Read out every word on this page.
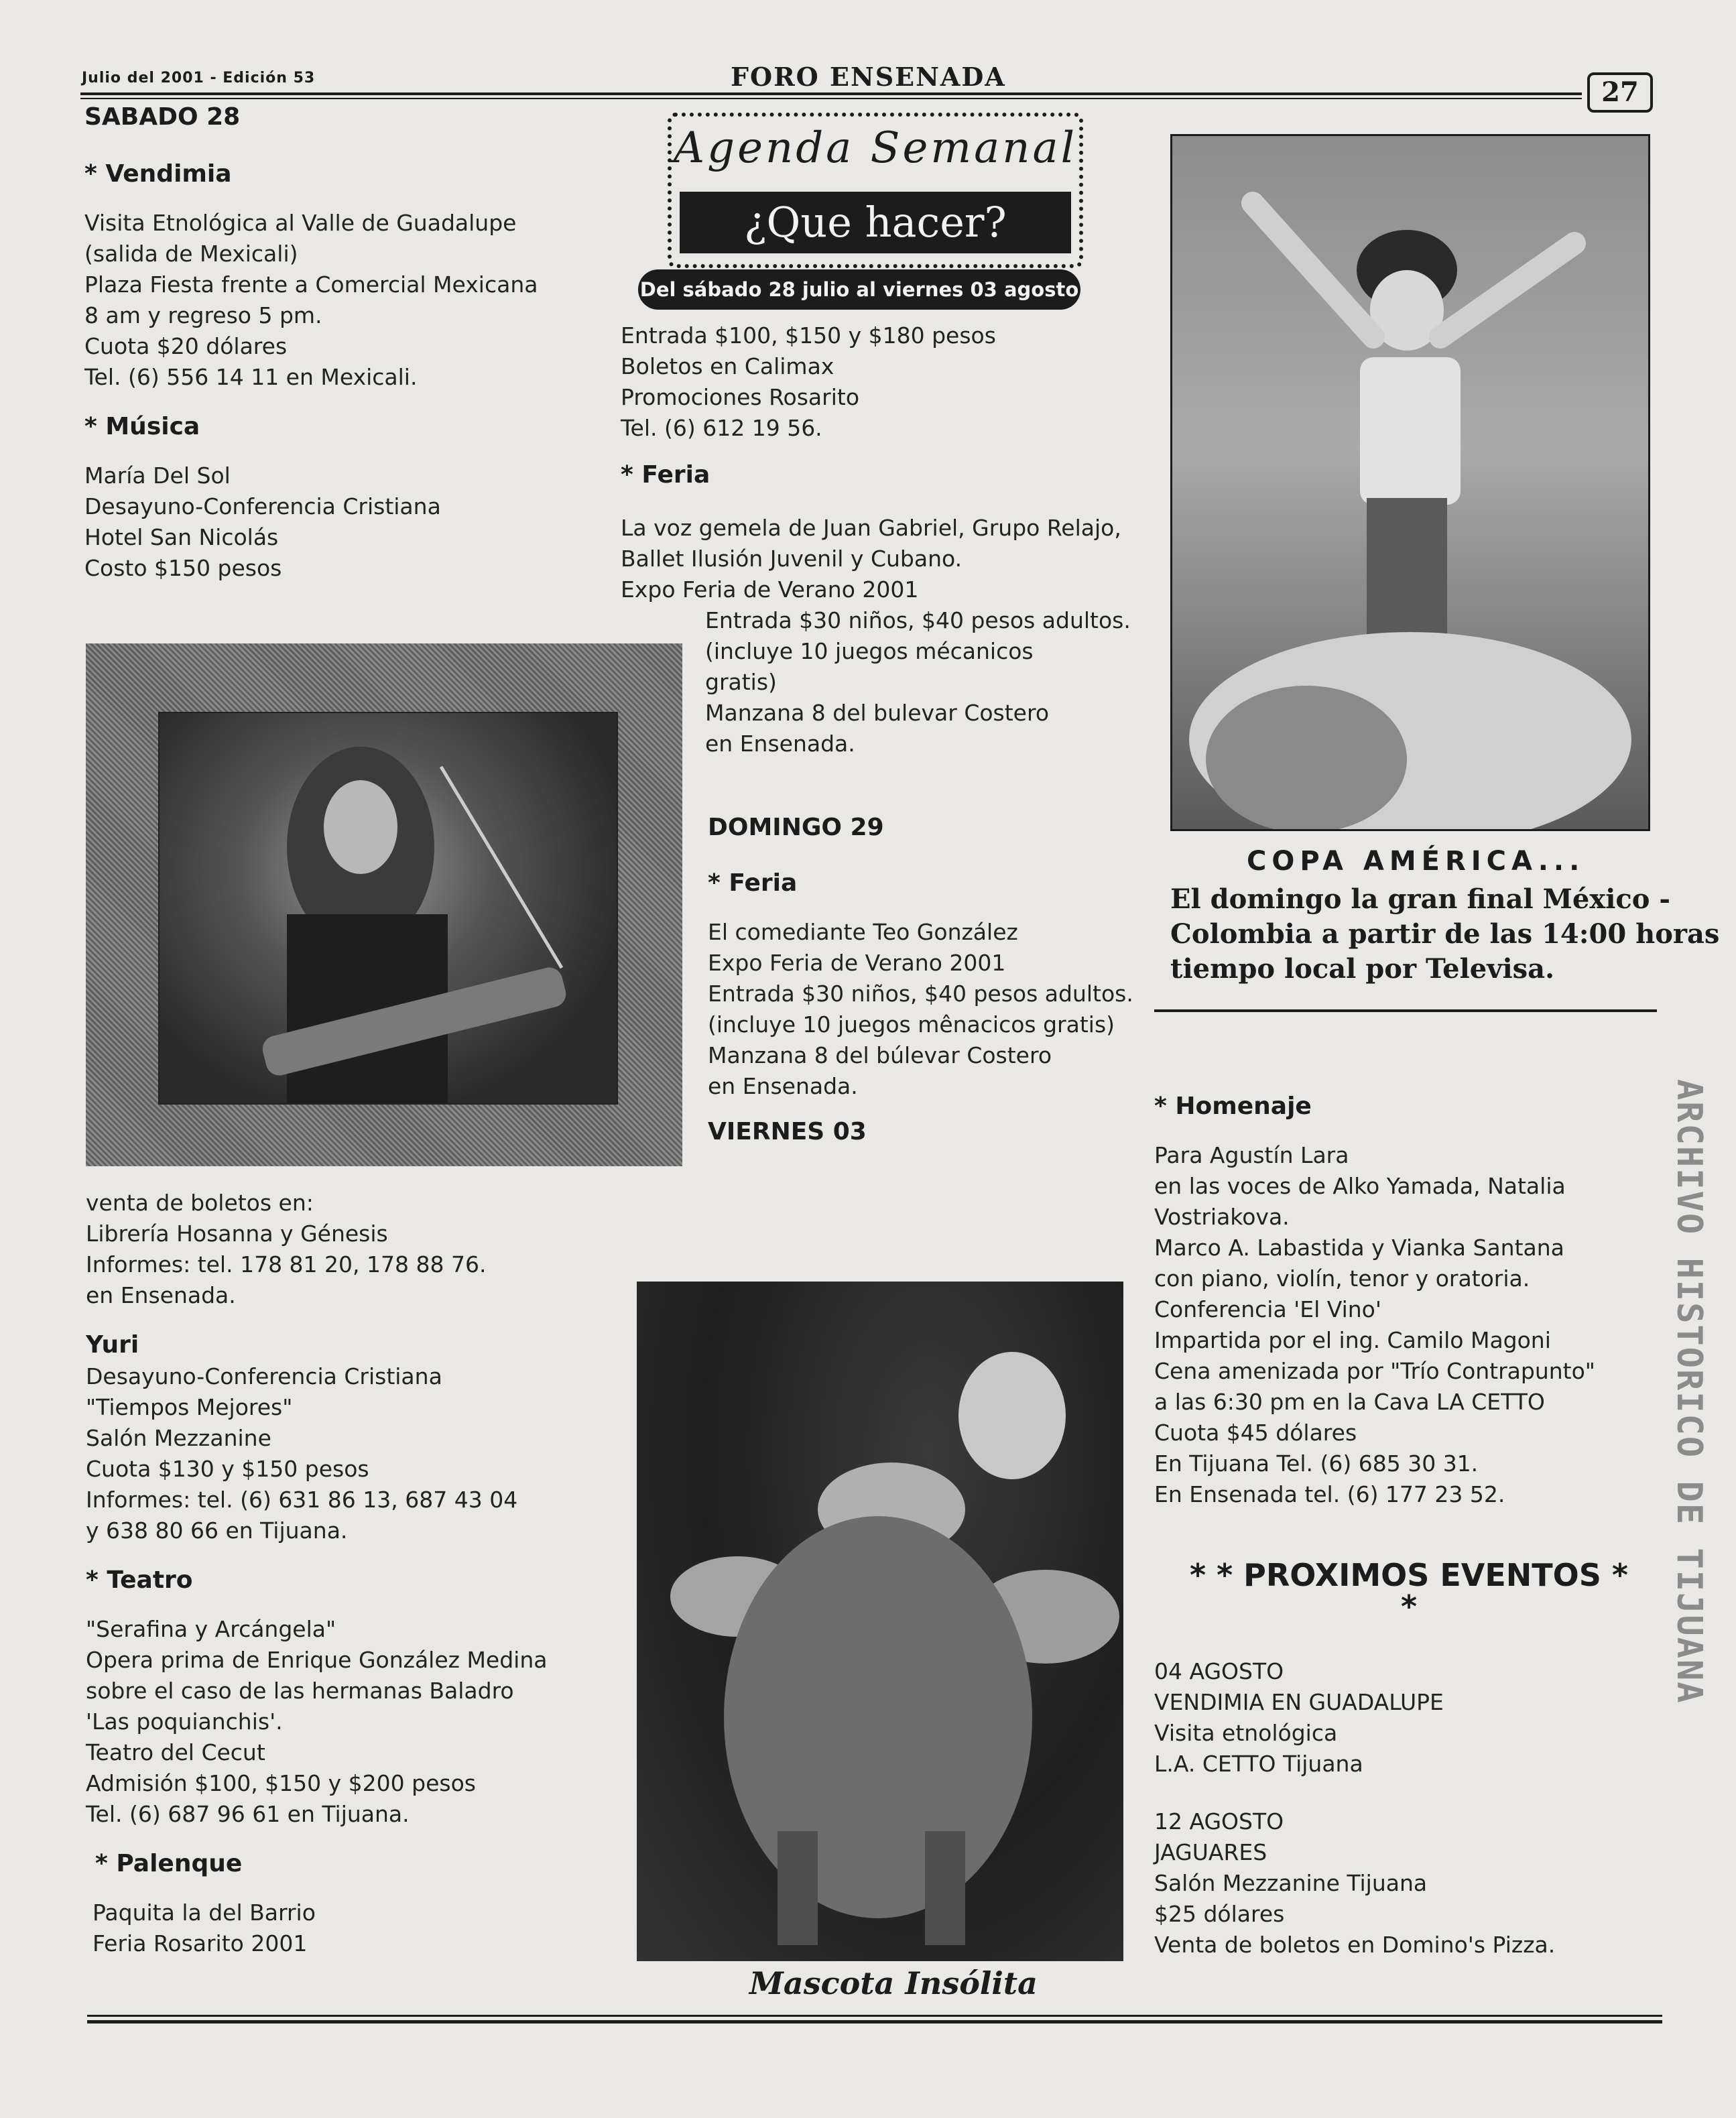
Julio del 2001 - Edición 53	FORO ENSENADA	27
SABADO 28
* Vendimia
Visita Etnológica al Valle de Guadalupe
(salida de Mexicali)
Plaza Fiesta frente a Comercial Mexicana
8 am y regreso 5 pm.
Cuota $20 dólares
Tel. (6) 556 14 11 en Mexicali.
* Música
María Del Sol
Desayuno-Conferencia Cristiana
Hotel San Nicolás
Costo $150 pesos
venta de boletos en:
Librería Hosanna y Génesis
Informes: tel. 178 81 20, 178 88 76.
en Ensenada.
Yuri
Desayuno-Conferencia Cristiana
"Tiempos Mejores"
Salón Mezzanine
Cuota $130 y $150 pesos
Informes: tel. (6) 631 86 13, 687 43 04
y 638 80 66 en Tijuana.
* Teatro
"Serafina y Arcángela"
Opera prima de Enrique González Medina
sobre el caso de las hermanas Baladro
'Las poquianchis'.
Teatro del Cecut
Admisión $100, $150 y $200 pesos
Tel. (6) 687 96 61 en Tijuana.
* Palenque
Paquita la del Barrio
Feria Rosarito 2001
Agenda Semanal
¿Que hacer?
Del sábado 28 julio al viernes 03 agosto
Entrada $100, $150 y $180 pesos
Boletos en Calimax
Promociones Rosarito
Tel. (6) 612 19 56.
* Feria
La voz gemela de Juan Gabriel, Grupo Relajo,
Ballet Ilusión Juvenil y Cubano.
Expo Feria de Verano 2001
Entrada $30 niños, $40 pesos adultos.
(incluye 10 juegos mécanicos
gratis)
Manzana 8 del bulevar Costero
en Ensenada.
DOMINGO 29
* Feria
El comediante Teo González
Expo Feria de Verano 2001
Entrada $30 niños, $40 pesos adultos.
(incluye 10 juegos mênacicos gratis)
Manzana 8 del búlevar Costero
en Ensenada.
VIERNES 03
Mascota Insólita
COPA AMÉRICA...
El domingo la gran final México -
Colombia a partir de las 14:00 horas
tiempo local por Televisa.
* Homenaje
Para Agustín Lara
en las voces de Alko Yamada, Natalia
Vostriakova.
Marco A. Labastida y Vianka Santana
con piano, violín, tenor y oratoria.
Conferencia 'El Vino'
Impartida por el ing. Camilo Magoni
Cena amenizada por "Trío Contrapunto"
a las 6:30 pm en la Cava LA CETTO
Cuota $45 dólares
En Tijuana Tel. (6) 685 30 31.
En Ensenada tel. (6) 177 23 52.
* * PROXIMOS EVENTOS *
*
04 AGOSTO
VENDIMIA EN GUADALUPE
Visita etnológica
L.A. CETTO Tijuana
12 AGOSTO
JAGUARES
Salón Mezzanine Tijuana
$25 dólares
Venta de boletos en Domino's Pizza.
ARCHIVO HISTORICO DE TIJUANA
